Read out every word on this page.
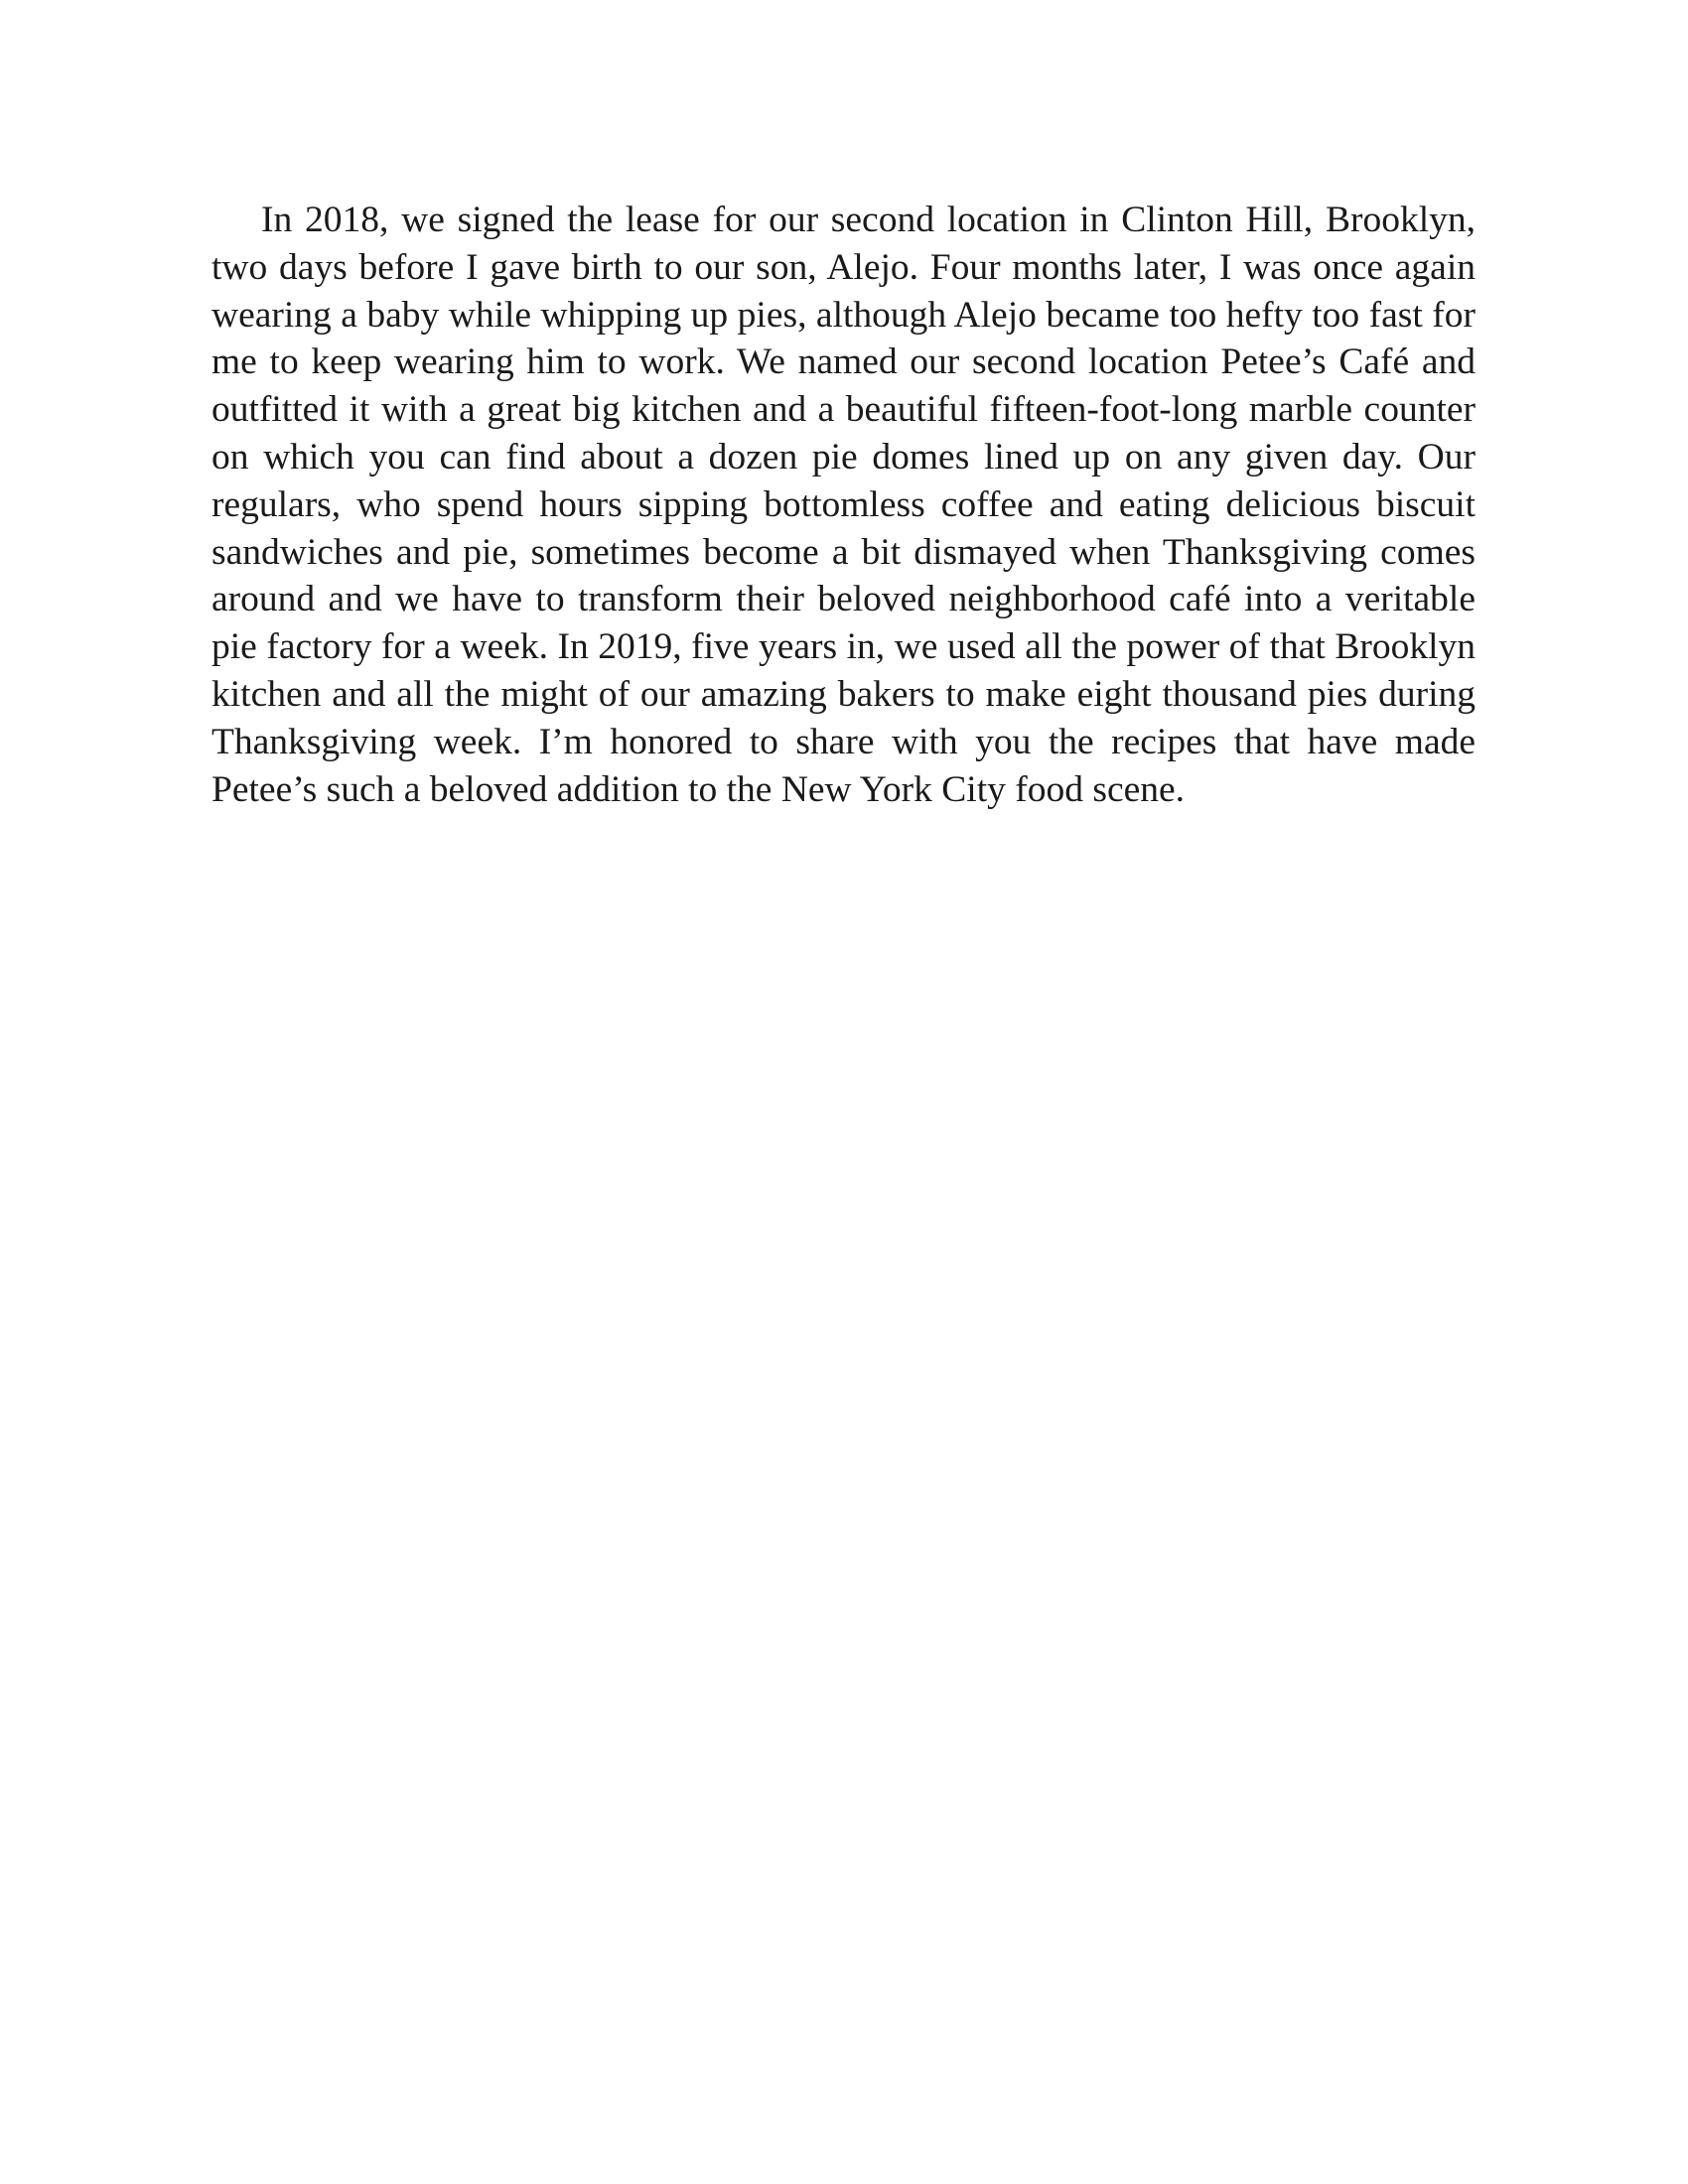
In 2018, we signed the lease for our second location in Clinton Hill, Brooklyn, two days before I gave birth to our son, Alejo. Four months later, I was once again wearing a baby while whipping up pies, although Alejo became too hefty too fast for me to keep wearing him to work. We named our second location Petee’s Café and outfitted it with a great big kitchen and a beautiful fifteen-foot-long marble counter on which you can find about a dozen pie domes lined up on any given day. Our regulars, who spend hours sipping bottomless coffee and eating delicious biscuit sandwiches and pie, sometimes become a bit dismayed when Thanksgiving comes around and we have to transform their beloved neighborhood café into a veritable pie factory for a week. In 2019, five years in, we used all the power of that Brooklyn kitchen and all the might of our amazing bakers to make eight thousand pies during Thanksgiving week. I’m honored to share with you the recipes that have made Petee’s such a beloved addition to the New York City food scene.
